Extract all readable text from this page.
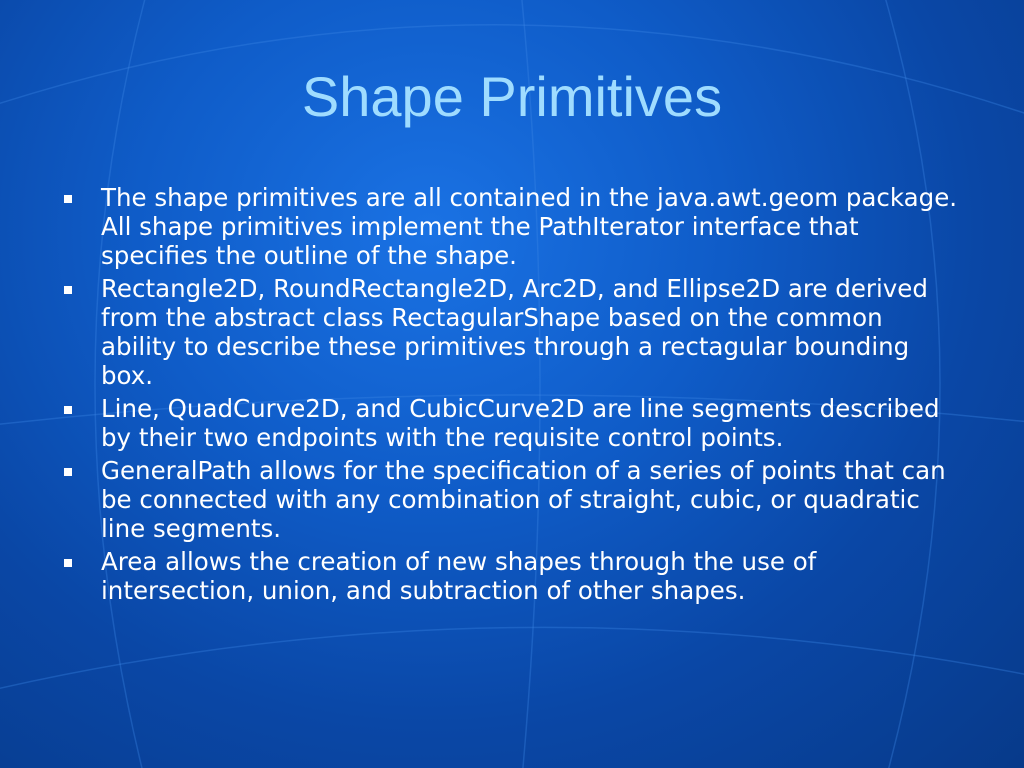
Shape Primitives
The shape primitives are all contained in the java.awt.geom package. All shape primitives implement the PathIterator interface that specifies the outline of the shape.
Rectangle2D, RoundRectangle2D, Arc2D, and Ellipse2D are derived from the abstract class RectagularShape based on the common ability to describe these primitives through a rectagular bounding box.
Line, QuadCurve2D, and CubicCurve2D are line segments described by their two endpoints with the requisite control points.
GeneralPath allows for the specification of a series of points that can be connected with any combination of straight, cubic, or quadratic line segments.
Area allows the creation of new shapes through the use of intersection, union, and subtraction of other shapes.
